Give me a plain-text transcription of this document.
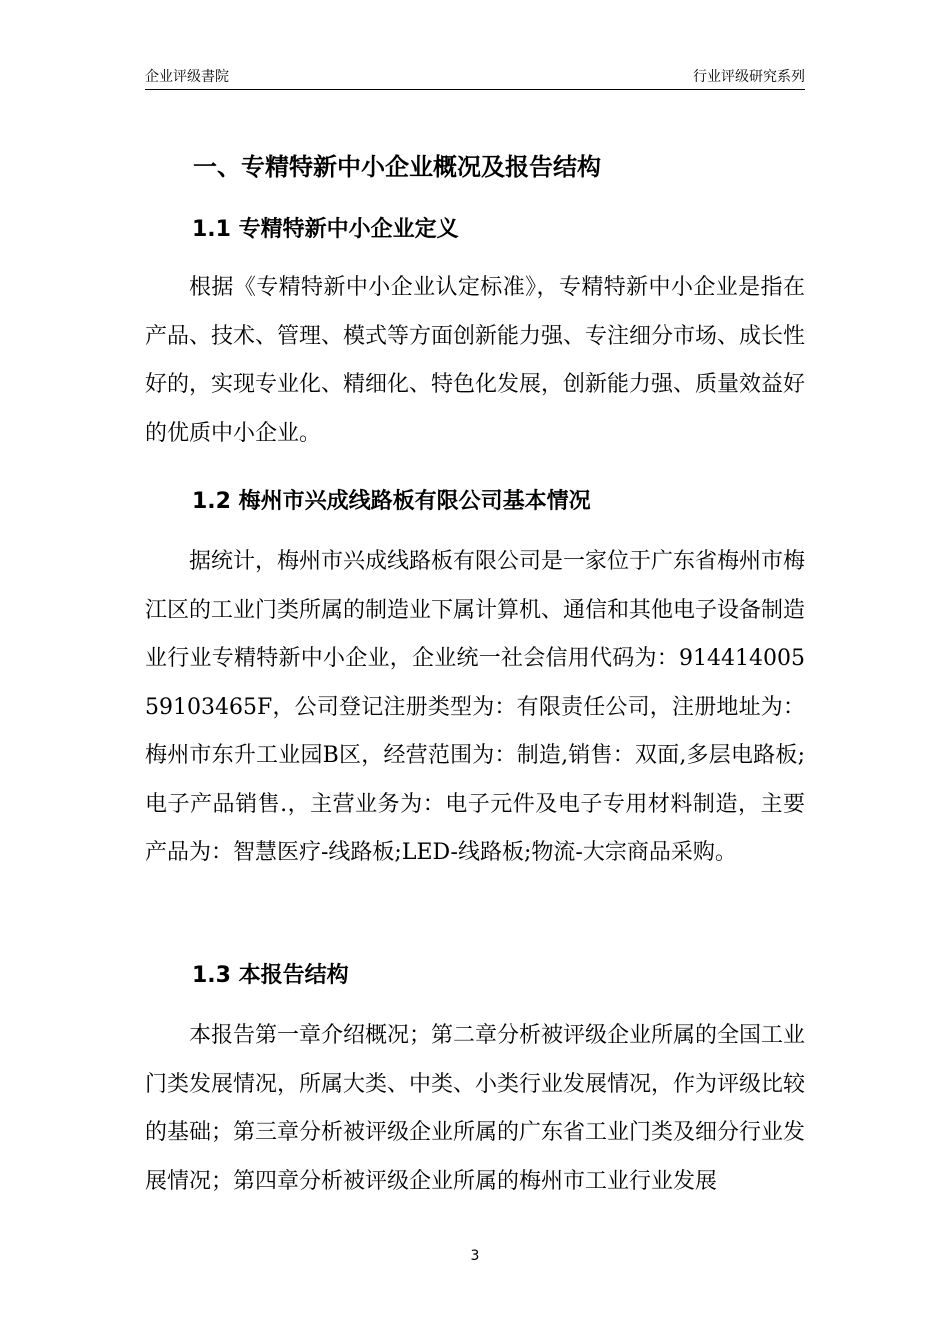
企业评级書院	行业评级研究系列
一、专精特新中小企业概况及报告结构
1.1 专精特新中小企业定义
根据《专精特新中小企业认定标准》，专精特新中小企业是指在产品、技术、管理、模式等方面创新能力强、专注细分市场、成长性好的，实现专业化、精细化、特色化发展，创新能力强、质量效益好的优质中小企业。
1.2 梅州市兴成线路板有限公司基本情况
据统计，梅州市兴成线路板有限公司是一家位于广东省梅州市梅江区的工业门类所属的制造业下属计算机、通信和其他电子设备制造业行业专精特新中小企业，企业统一社会信用代码为：91441400559103465F，公司登记注册类型为：有限责任公司，注册地址为：梅州市东升工业园B区，经营范围为：制造,销售：双面,多层电路板;电子产品销售.，主营业务为：电子元件及电子专用材料制造，主要产品为：智慧医疗-线路板;LED-线路板;物流-大宗商品采购。
1.3 本报告结构
本报告第一章介绍概况；第二章分析被评级企业所属的全国工业门类发展情况，所属大类、中类、小类行业发展情况，作为评级比较的基础；第三章分析被评级企业所属的广东省工业门类及细分行业发展情况；第四章分析被评级企业所属的梅州市工业行业发展
3
